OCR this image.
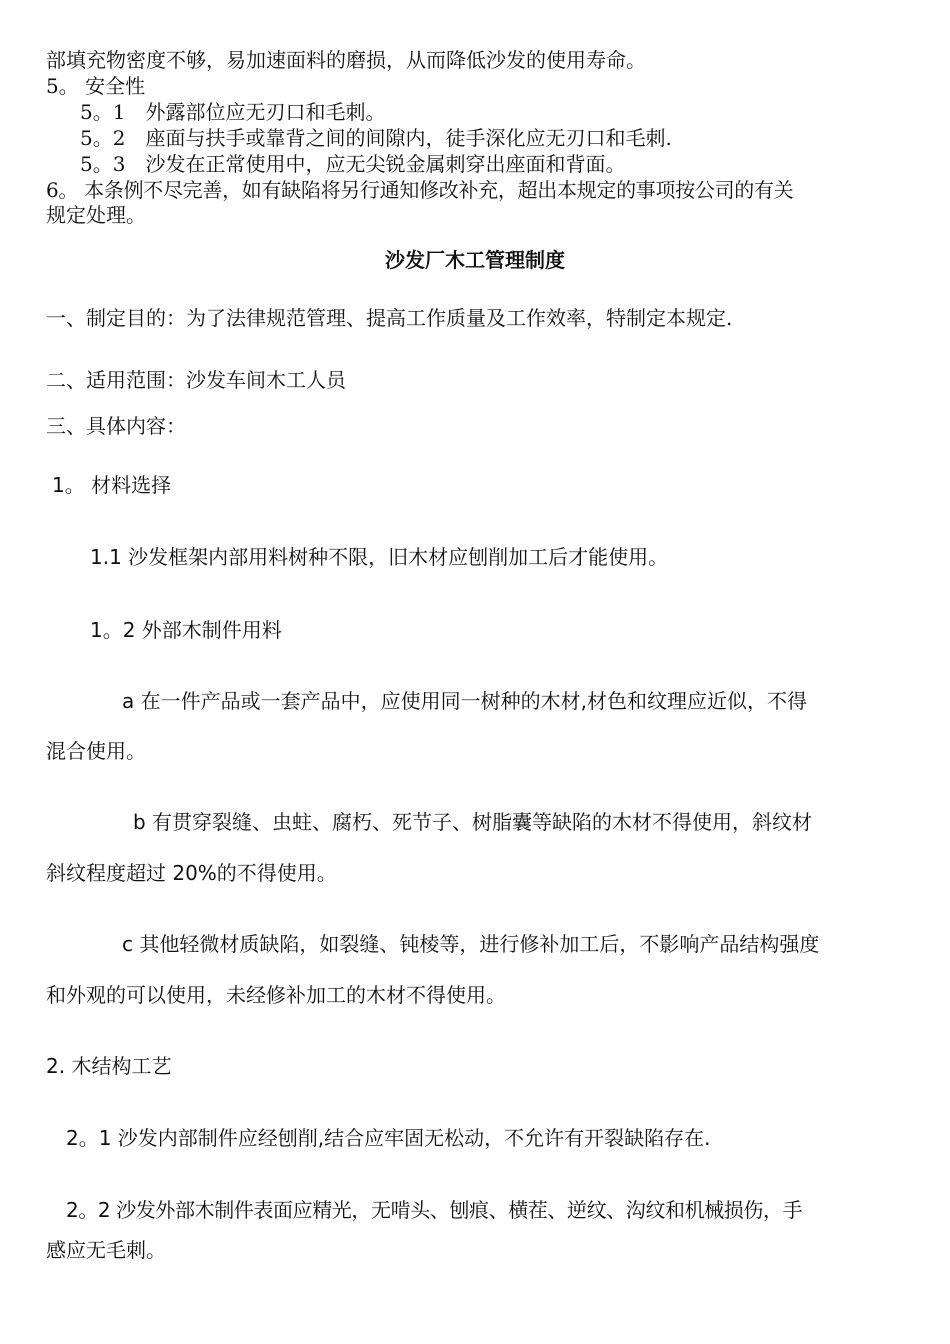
部填充物密度不够，易加速面料的磨损，从而降低沙发的使用寿命。
5。 安全性
5。1　外露部位应无刃口和毛刺。
5。2　座面与扶手或靠背之间的间隙内，徒手深化应无刃口和毛刺.
5。3　沙发在正常使用中，应无尖锐金属刺穿出座面和背面。
6。 本条例不尽完善，如有缺陷将另行通知修改补充，超出本规定的事项按公司的有关
规定处理。
沙发厂木工管理制度
一、制定目的：为了法律规范管理、提高工作质量及工作效率，特制定本规定.
二、适用范围：沙发车间木工人员
三、具体内容：
1。 材料选择
1.1 沙发框架内部用料树种不限，旧木材应刨削加工后才能使用。
1。2 外部木制件用料
a 在一件产品或一套产品中，应使用同一树种的木材,材色和纹理应近似，不得
混合使用。
b 有贯穿裂缝、虫蛀、腐朽、死节子、树脂囊等缺陷的木材不得使用，斜纹材
斜纹程度超过 20%的不得使用。
c 其他轻微材质缺陷，如裂缝、钝棱等，进行修补加工后，不影响产品结构强度
和外观的可以使用，未经修补加工的木材不得使用。
2. 木结构工艺
2。1 沙发内部制件应经刨削,结合应牢固无松动，不允许有开裂缺陷存在.
2。2 沙发外部木制件表面应精光，无啃头、刨痕、横茬、逆纹、沟纹和机械损伤，手
感应无毛刺。
